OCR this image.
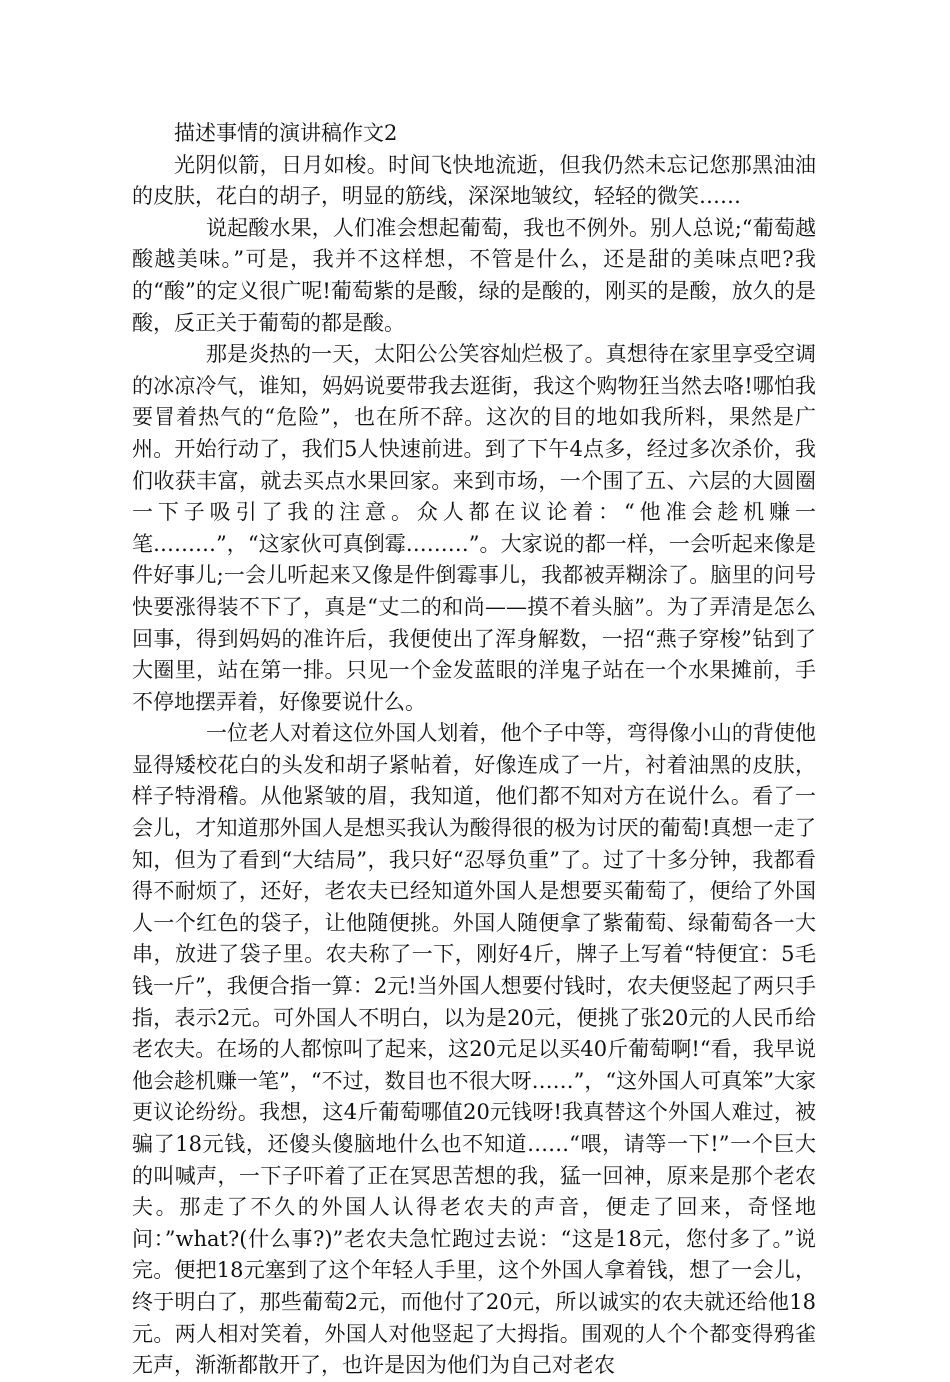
描述事情的演讲稿作文2

光阴似箭，日月如梭。时间飞快地流逝，但我仍然未忘记您那黑油油的皮肤，花白的胡子，明显的筋线，深深地皱纹，轻轻的微笑……

说起酸水果，人们准会想起葡萄，我也不例外。别人总说;“葡萄越酸越美味。”可是，我并不这样想，不管是什么，还是甜的美味点吧?我的“酸”的定义很广呢!葡萄紫的是酸，绿的是酸的，刚买的是酸，放久的是酸，反正关于葡萄的都是酸。

那是炎热的一天，太阳公公笑容灿烂极了。真想待在家里享受空调的冰凉冷气，谁知，妈妈说要带我去逛街，我这个购物狂当然去咯!哪怕我要冒着热气的“危险”，也在所不辞。这次的目的地如我所料，果然是广州。开始行动了，我们5人快速前进。到了下午4点多，经过多次杀价，我们收获丰富，就去买点水果回家。来到市场，一个围了五、六层的大圆圈一下子吸引了我的注意。众人都在议论着：“他准会趁机赚一笔………”，“这家伙可真倒霉………”。大家说的都一样，一会听起来像是件好事儿;一会儿听起来又像是件倒霉事儿，我都被弄糊涂了。脑里的问号快要涨得装不下了，真是“丈二的和尚——摸不着头脑”。为了弄清是怎么回事，得到妈妈的准许后，我便使出了浑身解数，一招“燕子穿梭”钻到了大圈里，站在第一排。只见一个金发蓝眼的洋鬼子站在一个水果摊前，手不停地摆弄着，好像要说什么。

一位老人对着这位外国人划着，他个子中等，弯得像小山的背使他显得矮校花白的头发和胡子紧帖着，好像连成了一片，衬着油黑的皮肤，样子特滑稽。从他紧皱的眉，我知道，他们都不知对方在说什么。看了一会儿，才知道那外国人是想买我认为酸得很的极为讨厌的葡萄!真想一走了知，但为了看到“大结局”，我只好“忍辱负重”了。过了十多分钟，我都看得不耐烦了，还好，老农夫已经知道外国人是想要买葡萄了，便给了外国人一个红色的袋子，让他随便挑。外国人随便拿了紫葡萄、绿葡萄各一大串，放进了袋子里。农夫称了一下，刚好4斤，牌子上写着“特便宜：5毛钱一斤”，我便合指一算：2元!当外国人想要付钱时，农夫便竖起了两只手指，表示2元。可外国人不明白，以为是20元，便挑了张20元的人民币给老农夫。在场的人都惊叫了起来，这20元足以买40斤葡萄啊!“看，我早说他会趁机赚一笔”，“不过，数目也不很大呀……”，“这外国人可真笨”大家更议论纷纷。我想，这4斤葡萄哪值20元钱呀!我真替这个外国人难过，被骗了18元钱，还傻头傻脑地什么也不知道……“喂，请等一下!”一个巨大的叫喊声，一下子吓着了正在冥思苦想的我，猛一回神，原来是那个老农夫。那走了不久的外国人认得老农夫的声音，便走了回来，奇怪地问：”what?(什么事?)”老农夫急忙跑过去说：“这是18元，您付多了。”说完。便把18元塞到了这个年轻人手里，这个外国人拿着钱，想了一会儿，终于明白了，那些葡萄2元，而他付了20元，所以诚实的农夫就还给他18元。两人相对笑着，外国人对他竖起了大拇指。围观的人个个都变得鸦雀无声，渐渐都散开了，也许是因为他们为自己对老农
